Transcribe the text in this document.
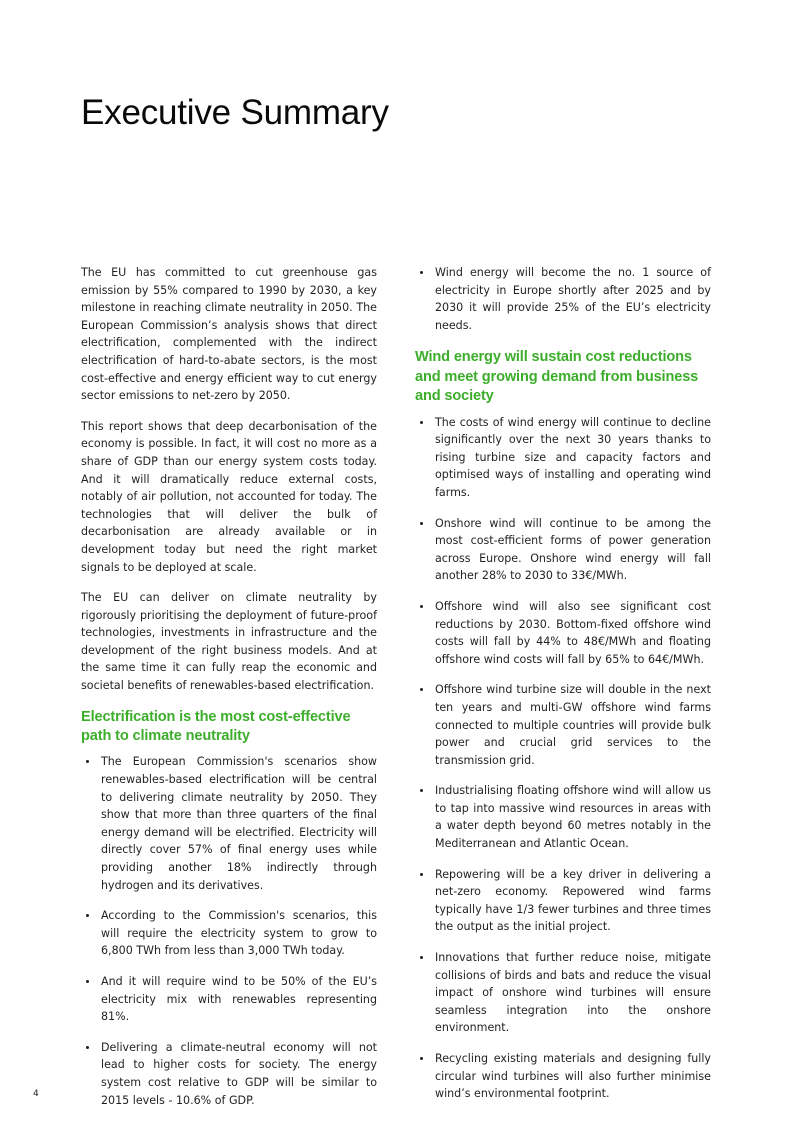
Executive Summary

The EU has committed to cut greenhouse gas emission by 55% compared to 1990 by 2030, a key milestone in reaching climate neutrality in 2050. The European Commission’s analysis shows that direct electrification, complemented with the indirect electrification of hard-to-abate sectors, is the most cost-effective and energy efficient way to cut energy sector emissions to net-zero by 2050.

This report shows that deep decarbonisation of the economy is possible. In fact, it will cost no more as a share of GDP than our energy system costs today. And it will dramatically reduce external costs, notably of air pollution, not accounted for today. The technologies that will deliver the bulk of decarbonisation are already available or in development today but need the right market signals to be deployed at scale.

The EU can deliver on climate neutrality by rigorously prioritising the deployment of future-proof technologies, investments in infrastructure and the development of the right business models. And at the same time it can fully reap the economic and societal benefits of renewables-based electrification.

Electrification is the most cost-effective path to climate neutrality
The European Commission's scenarios show renewables-based electrification will be central to delivering climate neutrality by 2050. They show that more than three quarters of the final energy demand will be electrified. Electricity will directly cover 57% of final energy uses while providing another 18% indirectly through hydrogen and its derivatives.
According to the Commission's scenarios, this will require the electricity system to grow to 6,800 TWh from less than 3,000 TWh today.
And it will require wind to be 50% of the EU’s electricity mix with renewables representing 81%.
Delivering a climate-neutral economy will not lead to higher costs for society. The energy system cost relative to GDP will be similar to 2015 levels - 10.6% of GDP.
Wind energy will become the no. 1 source of electricity in Europe shortly after 2025 and by 2030 it will provide 25% of the EU’s electricity needs.
Wind energy will sustain cost reductions and meet growing demand from business and society
The costs of wind energy will continue to decline significantly over the next 30 years thanks to rising turbine size and capacity factors and optimised ways of installing and operating wind farms.
Onshore wind will continue to be among the most cost-efficient forms of power generation across Europe. Onshore wind energy will fall another 28% to 2030 to 33€/MWh.
Offshore wind will also see significant cost reductions by 2030. Bottom-fixed offshore wind costs will fall by 44% to 48€/MWh and floating offshore wind costs will fall by 65% to 64€/MWh.
Offshore wind turbine size will double in the next ten years and multi-GW offshore wind farms connected to multiple countries will provide bulk power and crucial grid services to the transmission grid.
Industrialising floating offshore wind will allow us to tap into massive wind resources in areas with a water depth beyond 60 metres notably in the Mediterranean and Atlantic Ocean.
Repowering will be a key driver in delivering a net-zero economy. Repowered wind farms typically have 1/3 fewer turbines and three times the output as the initial project.
Innovations that further reduce noise, mitigate collisions of birds and bats and reduce the visual impact of onshore wind turbines will ensure seamless integration into the onshore environment.
Recycling existing materials and designing fully circular wind turbines will also further minimise wind’s environmental footprint.
4
